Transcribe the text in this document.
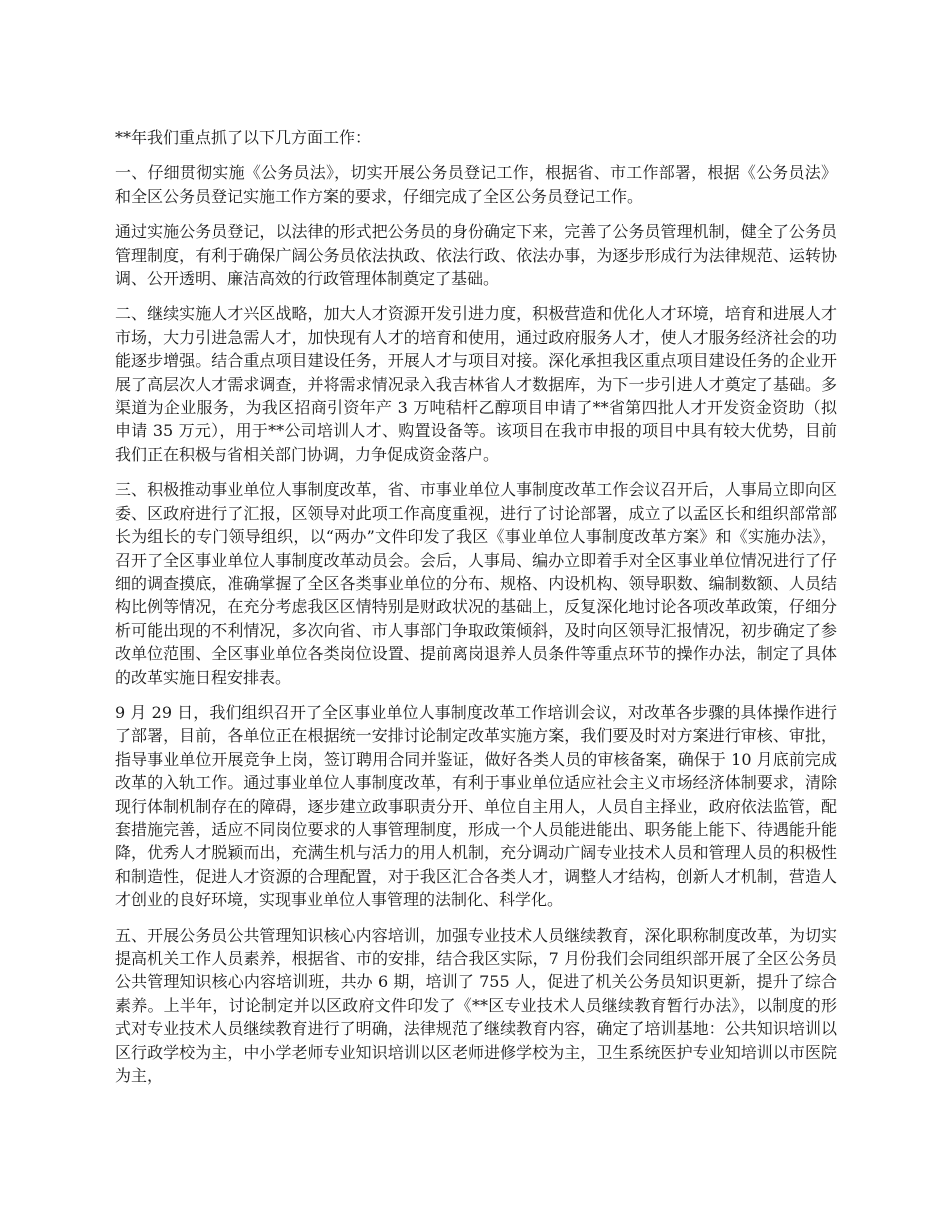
**年我们重点抓了以下几方面工作：

一、仔细贯彻实施《公务员法》，切实开展公务员登记工作，根据省、市工作部署，根据《公务员法》和全区公务员登记实施工作方案的要求，仔细完成了全区公务员登记工作。

通过实施公务员登记，以法律的形式把公务员的身份确定下来，完善了公务员管理机制，健全了公务员管理制度，有利于确保广阔公务员依法执政、依法行政、依法办事，为逐步形成行为法律规范、运转协调、公开透明、廉洁高效的行政管理体制奠定了基础。

二、继续实施人才兴区战略，加大人才资源开发引进力度，积极营造和优化人才环境，培育和进展人才市场，大力引进急需人才，加快现有人才的培育和使用，通过政府服务人才，使人才服务经济社会的功能逐步增强。结合重点项目建设任务，开展人才与项目对接。深化承担我区重点项目建设任务的企业开展了高层次人才需求调查，并将需求情况录入我吉林省人才数据库，为下一步引进人才奠定了基础。多渠道为企业服务，为我区招商引资年产 3 万吨秸杆乙醇项目申请了**省第四批人才开发资金资助（拟申请 35 万元），用于**公司培训人才、购置设备等。该项目在我市申报的项目中具有较大优势，目前我们正在积极与省相关部门协调，力争促成资金落户。

三、积极推动事业单位人事制度改革，省、市事业单位人事制度改革工作会议召开后，人事局立即向区委、区政府进行了汇报，区领导对此项工作高度重视，进行了讨论部署，成立了以孟区长和组织部常部长为组长的专门领导组织，以“两办”文件印发了我区《事业单位人事制度改革方案》和《实施办法》，召开了全区事业单位人事制度改革动员会。会后，人事局、编办立即着手对全区事业单位情况进行了仔细的调查摸底，准确掌握了全区各类事业单位的分布、规格、内设机构、领导职数、编制数额、人员结构比例等情况，在充分考虑我区区情特别是财政状况的基础上，反复深化地讨论各项改革政策，仔细分析可能出现的不利情况，多次向省、市人事部门争取政策倾斜，及时向区领导汇报情况，初步确定了参改单位范围、全区事业单位各类岗位设置、提前离岗退养人员条件等重点环节的操作办法，制定了具体的改革实施日程安排表。

9 月 29 日，我们组织召开了全区事业单位人事制度改革工作培训会议，对改革各步骤的具体操作进行了部署，目前，各单位正在根据统一安排讨论制定改革实施方案，我们要及时对方案进行审核、审批，指导事业单位开展竞争上岗，签订聘用合同并鉴证，做好各类人员的审核备案，确保于 10 月底前完成改革的入轨工作。通过事业单位人事制度改革，有利于事业单位适应社会主义市场经济体制要求，清除现行体制机制存在的障碍，逐步建立政事职责分开、单位自主用人，人员自主择业，政府依法监管，配套措施完善，适应不同岗位要求的人事管理制度，形成一个人员能进能出、职务能上能下、待遇能升能降，优秀人才脱颖而出，充满生机与活力的用人机制，充分调动广阔专业技术人员和管理人员的积极性和制造性，促进人才资源的合理配置，对于我区汇合各类人才，调整人才结构，创新人才机制，营造人才创业的良好环境，实现事业单位人事管理的法制化、科学化。

五、开展公务员公共管理知识核心内容培训，加强专业技术人员继续教育，深化职称制度改革，为切实提高机关工作人员素养，根据省、市的安排，结合我区实际，7 月份我们会同组织部开展了全区公务员公共管理知识核心内容培训班，共办 6 期，培训了 755 人，促进了机关公务员知识更新，提升了综合素养。上半年，讨论制定并以区政府文件印发了《**区专业技术人员继续教育暂行办法》，以制度的形式对专业技术人员继续教育进行了明确，法律规范了继续教育内容，确定了培训基地：公共知识培训以区行政学校为主，中小学老师专业知识培训以区老师进修学校为主，卫生系统医护专业知培训以市医院为主，
